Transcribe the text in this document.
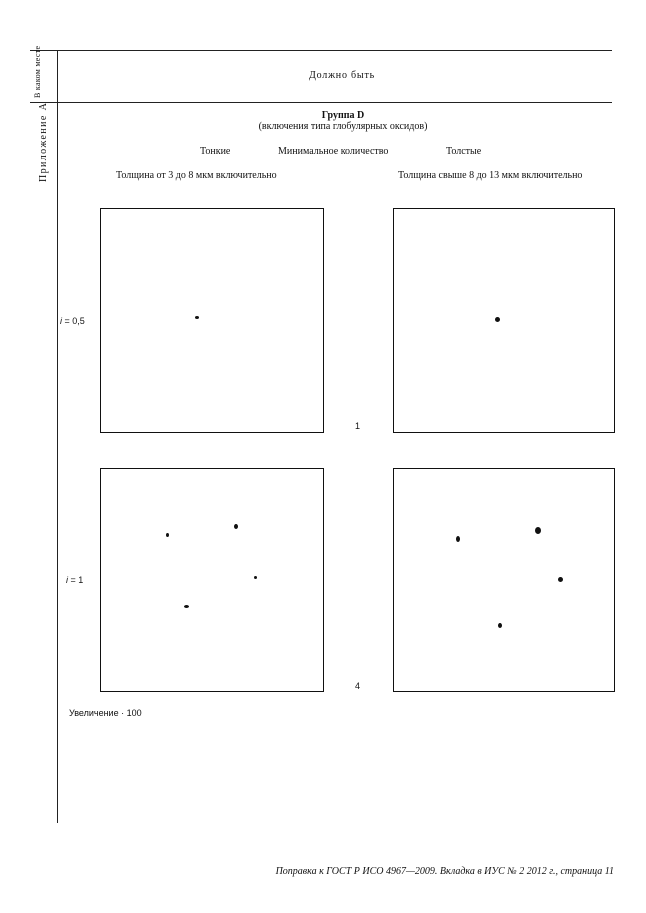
В каком месте
Приложение А
Должно быть
Группа D
(включения типа глобулярных оксидов)
Тонкие	Минимальное количество	Толстые
Толщина от 3 до 8 мкм включительно	Толщина свыше 8 до 13 мкм включительно
i = 0,5
1
i = 1
4
Увеличение · 100
Поправка к ГОСТ Р ИСО 4967—2009. Вкладка в ИУС № 2 2012 г., страница 11
